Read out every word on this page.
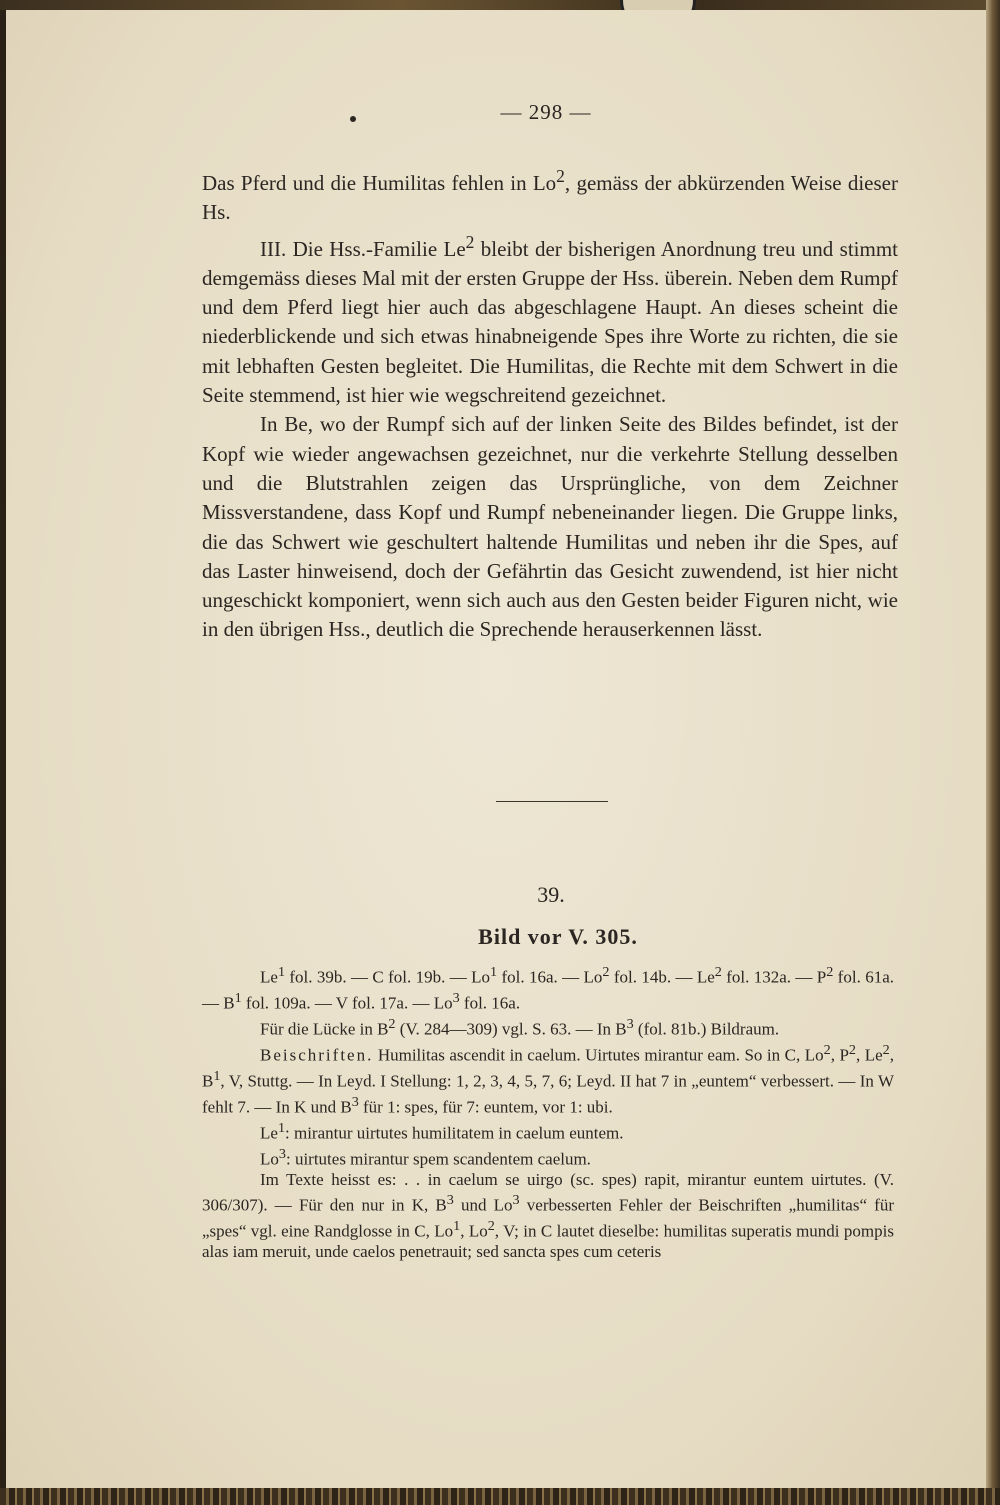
— 298 —

Das Pferd und die Humilitas fehlen in Lo$^2$, gemäss der abkürzenden Weise dieser Hs.

III. Die Hss.-Familie Le$^2$ bleibt der bisherigen Anordnung treu und stimmt demgemäss dieses Mal mit der ersten Gruppe der Hss. überein. Neben dem Rumpf und dem Pferd liegt hier auch das abgeschlagene Haupt. An dieses scheint die niederblickende und sich etwas hinabneigende Spes ihre Worte zu richten, die sie mit lebhaften Gesten begleitet. Die Humilitas, die Rechte mit dem Schwert in die Seite stemmend, ist hier wie wegschreitend gezeichnet.

In Be, wo der Rumpf sich auf der linken Seite des Bildes befindet, ist der Kopf wie wieder angewachsen gezeichnet, nur die verkehrte Stellung desselben und die Blutstrahlen zeigen das Ursprüngliche, von dem Zeichner Missverstandene, dass Kopf und Rumpf nebeneinander liegen. Die Gruppe links, die das Schwert wie geschultert haltende Humilitas und neben ihr die Spes, auf das Laster hinweisend, doch der Gefährtin das Gesicht zuwendend, ist hier nicht ungeschickt komponiert, wenn sich auch aus den Gesten beider Figuren nicht, wie in den übrigen Hss., deutlich die Sprechende herauserkennen lässt.

39.
Bild vor V. 305.

Le$^1$ fol. 39b. — C fol. 19b. — Lo$^1$ fol. 16a. — Lo$^2$ fol. 14b. — Le$^2$ fol. 132a. — $P^2$ fol. 61a. — $B^1$ fol. 109a. — V fol. 17a. — Lo$^3$ fol. 16a.

Für die Lücke in $B^2$ (V. 284—309) vgl. S. 63. — In $B^3$ (fol. 81b.) Bildraum.

Beischriften. Humilitas ascendit in caelum. Uirtutes mirantur eam. So in C, Lo$^2$, $P^2$, Le$^2$, $B^1$, V, Stuttg. — In Leyd. I Stellung: 1, 2, 3, 4, 5, 7, 6; Leyd. II hat 7 in „euntem“ verbessert. — In W fehlt 7. — In K und $B^3$ für 1: spes, für 7: euntem, vor 1: ubi.

Le$^1$: mirantur uirtutes humilitatem in caelum euntem.

Lo$^3$: uirtutes mirantur spem scandentem caelum.

Im Texte heisst es: . . in caelum se uirgo (sc. spes) rapit, mirantur euntem uirtutes. (V. 306/307). — Für den nur in K, $B^3$ und Lo$^3$ verbesserten Fehler der Beischriften „humilitas“ für „spes“ vgl. eine Randglosse in C, Lo$^1$, Lo$^2$, V; in C lautet dieselbe: humilitas superatis mundi pompis alas iam meruit, unde caelos penetrauit; sed sancta spes cum ceteris
